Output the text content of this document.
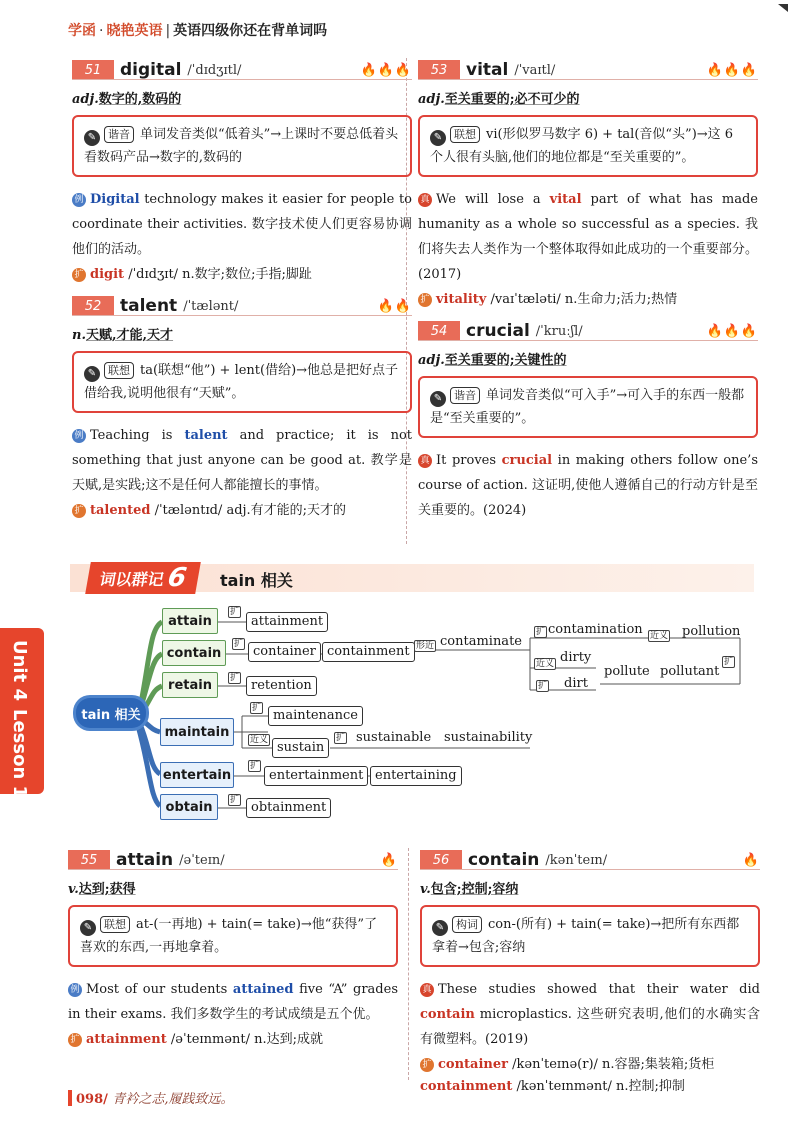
学函 · 晓艳英语 | 英语四级你还在背单词吗
51	digital /ˈdɪdʒɪtl/	🔥🔥🔥
adj.数字的,数码的
✎ 谐音 单词发音类似“低着头”→上课时不要总低着头看数码产品→数字的,数码的
例 Digital technology makes it easier for people to coordinate their activities. 数字技术使人们更容易协调他们的活动。
扩 digit /ˈdɪdʒɪt/ n.数字;数位;手指;脚趾
52	talent /ˈtælənt/	🔥🔥
n.天赋,才能,天才
✎ 联想 ta(联想“他”) + lent(借给)→他总是把好点子借给我,说明他很有“天赋”。
例 Teaching is talent and practice; it is not something that just anyone can be good at. 教学是天赋,是实践;这不是任何人都能擅长的事情。
扩 talented /ˈtæləntɪd/ adj.有才能的;天才的
53	vital /ˈvaɪtl/	🔥🔥🔥
adj.至关重要的;必不可少的
✎ 联想 vi(形似罗马数字 6) + tal(音似“头”)→这 6 个人很有头脑,他们的地位都是“至关重要的”。
真 We will lose a vital part of what has made humanity as a whole so successful as a species. 我们将失去人类作为一个整体取得如此成功的一个重要部分。(2017)
扩 vitality /vaɪˈtæləti/ n.生命力;活力;热情
54	crucial /ˈkruːʃl/	🔥🔥🔥
adj.至关重要的;关键性的
✎ 谐音 单词发音类似“可入手”→可入手的东西一般都是“至关重要的”。
真 It proves crucial in making others follow one’s course of action. 这证明,使他人遵循自己的行动方针是至关重要的。(2024)
词以群记 6 tain 相关
Unit 4Lesson 1	tain 相关
attain
扩
attainment
contain
扩 container containment 形近 contaminate
扩 contamination 近义 pollution
近义 dirty
扩 dirt
pollute pollutant
扩
retain	扩 retention
maintain
扩 maintenance
近义 sustain
扩 sustainable sustainability
entertain
扩
entertainment entertaining
obtain	扩 obtainment
55	attain /əˈteɪn/	🔥
v.达到;获得
✎ 联想 at-(一再地) + tain(= take)→他“获得”了喜欢的东西,一再地拿着。
例 Most of our students attained five “A” grades in their exams. 我们多数学生的考试成绩是五个优。
扩 attainment /əˈteɪnmənt/ n.达到;成就
56	contain /kənˈteɪn/	🔥
v.包含;控制;容纳
✎ 构词 con-(所有) + tain(= take)→把所有东西都拿着→包含;容纳
真 These studies showed that their water did contain microplastics. 这些研究表明,他们的水确实含有微塑料。(2019)
扩 container /kənˈteɪnə(r)/ n.容器;集装箱;货柜
containment /kənˈteɪnmənt/ n.控制;抑制
098/ 青衿之志,履践致远。
